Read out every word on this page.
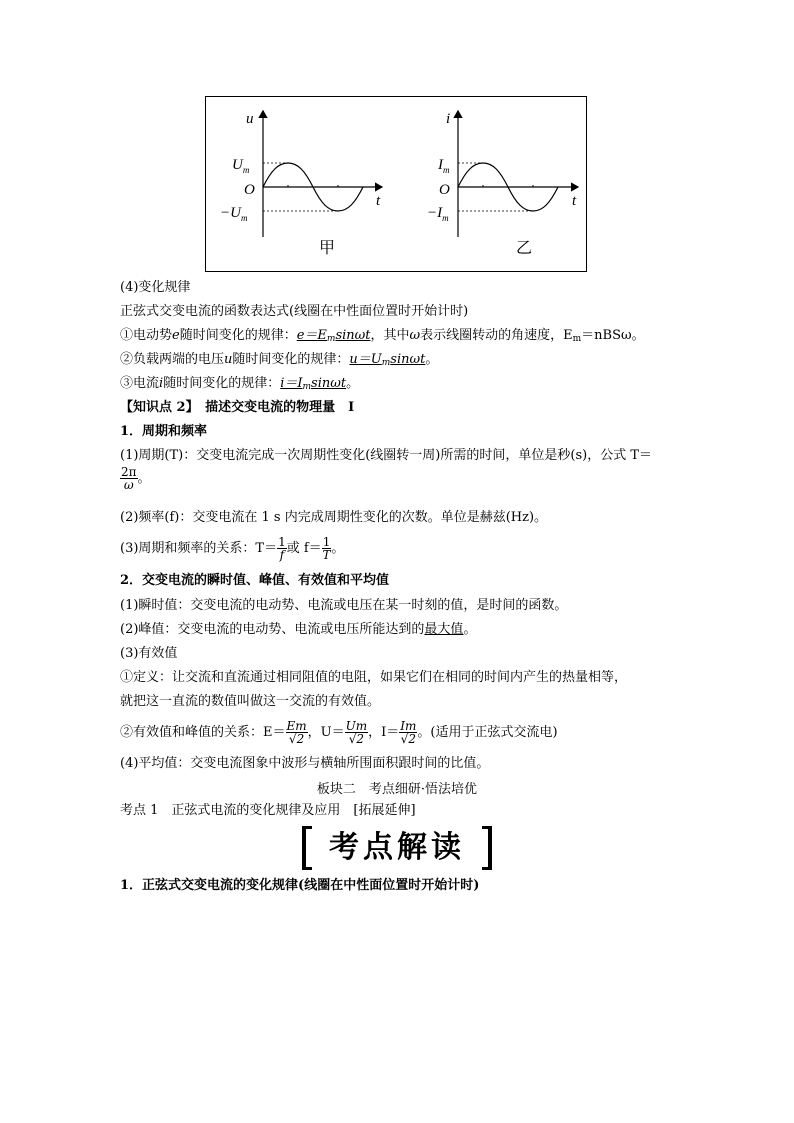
u
t
O
$U_m$
$-U_m$
甲
i
t
O
$I_m$
$-I_m$
乙
(4)变化规律
正弦式交变电流的函数表达式(线圈在中性面位置时开始计时)
①电动势e随时间变化的规律：$e=E_m\sin\omega t$，其中ω表示线圈转动的角速度，$E_m=nBS\omega$。
②负载两端的电压u随时间变化的规律：$u=U_m\sin\omega t$。
③电流i随时间变化的规律：$i=I_m\sin\omega t$。
【知识点 2】　描述交变电流的物理量　Ⅰ
1．周期和频率
(1)周期(T)：交变电流完成一次周期性变化(线圈转一周)所需的时间，单位是秒(s)，公式 T＝
$\frac{2\pi}{\omega}$ 。
(2)频率(f)：交变电流在 1 s 内完成周期性变化的次数。单位是赫兹(Hz)。
(3)周期和频率的关系：$T= \frac{1}{f}$ 或 $f= \frac{1}{T}$ 。
2．交变电流的瞬时值、峰值、有效值和平均值
(1)瞬时值：交变电流的电动势、电流或电压在某一时刻的值，是时间的函数。
(2)峰值：交变电流的电动势、电流或电压所能达到的最大值。
(3)有效值
①定义：让交流和直流通过相同阻值的电阻，如果它们在相同的时间内产生的热量相等，
就把这一直流的数值叫做这一交流的有效值。
②有效值和峰值的关系：$E= \frac{Em}{√2}$ ，$U= \frac{Um}{√2}$ ，$I= \frac{Im}{√2}$ 。(适用于正弦式交流电)
(4)平均值：交变电流图象中波形与横轴所围面积跟时间的比值。
板块二　考点细研·悟法培优
考点 1　正弦式电流的变化规律及应用　[拓展延伸]
考点解读
1．正弦式交变电流的变化规律(线圈在中性面位置时开始计时)
